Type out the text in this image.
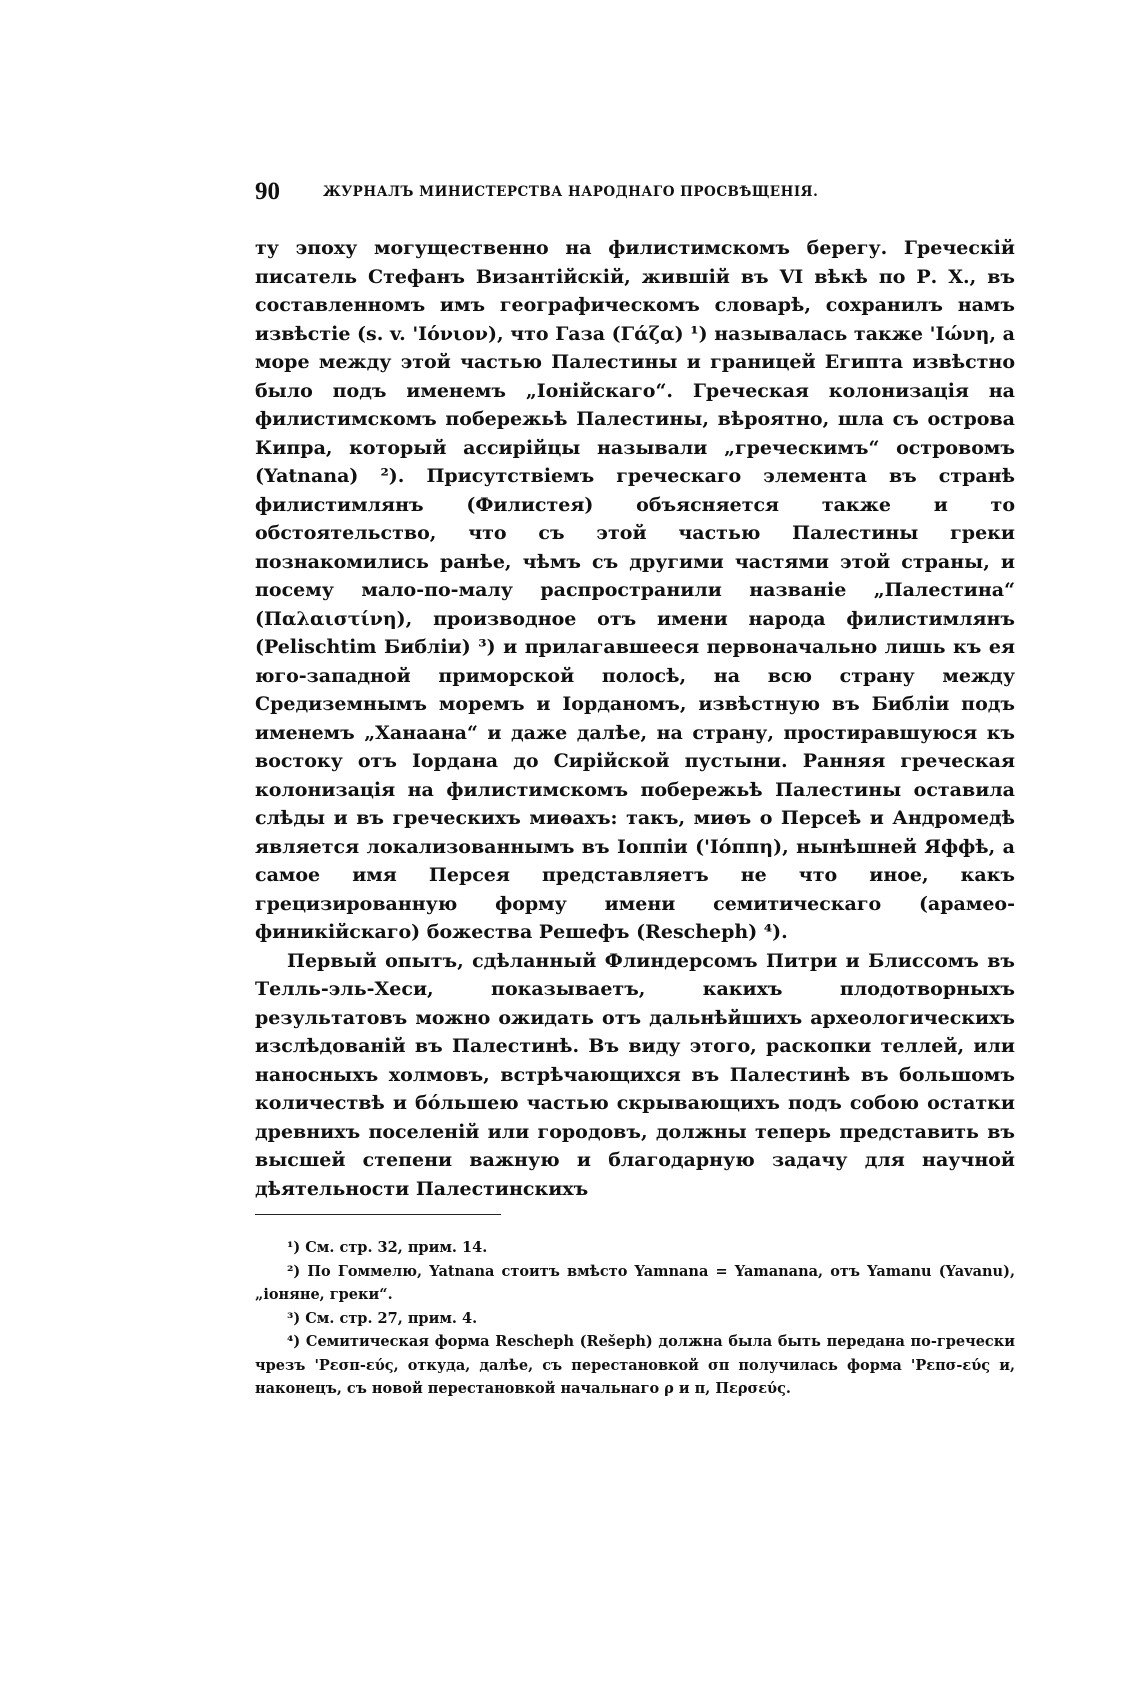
90	ЖУРНАЛЪ МИНИСТЕРСТВА НАРОДНАГО ПРОСВѢЩЕНІЯ.

ту эпоху могущественно на филистимскомъ берегу. Греческій писатель Стефанъ Византійскій, жившій въ VI вѣкѣ по Р. Х., въ составленномъ имъ географическомъ словарѣ, сохранилъ намъ извѣстіе (s. v. 'Ιόνιον), что Газа (Γάζα) ¹) называлась также 'Ιώνη, а море между этой частью Палестины и границей Египта извѣстно было подъ именемъ „Іонійскаго“. Греческая колонизація на филистимскомъ побережьѣ Палестины, вѣроятно, шла съ острова Кипра, который ассирійцы называли „греческимъ“ островомъ (Yatnana) ²). Присутствіемъ греческаго элемента въ странѣ филистимлянъ (Филистея) объясняется также и то обстоятельство, что съ этой частью Палестины греки познакомились ранѣе, чѣмъ съ другими частями этой страны, и посему мало-по-малу распространили названіе „Палестина“ (Παλαιστίνη), производное отъ имени народа филистимлянъ (Pelischtim Библіи) ³) и прилагавшееся первоначально лишь къ ея юго-западной приморской полосѣ, на всю страну между Средиземнымъ моремъ и Іорданомъ, извѣстную въ Библіи подъ именемъ „Ханаана“ и даже далѣе, на страну, простиравшуюся къ востоку отъ Іордана до Сирійской пустыни. Ранняя греческая колонизація на филистимскомъ побережьѣ Палестины оставила слѣды и въ греческихъ миѳахъ: такъ, миѳъ о Персеѣ и Андромедѣ является локализованнымъ въ Іоппіи ('Ιόππη), нынѣшней Яффѣ, а самое имя Персея представляетъ не что иное, какъ грецизированную форму имени семитическаго (арамео-финикійскаго) божества Решефъ (Rescheph) ⁴).

Первый опытъ, сдѣланный Флиндерсомъ Питри и Блиссомъ въ Телль-эль-Хеси, показываетъ, какихъ плодотворныхъ результатовъ можно ожидать отъ дальнѣйшихъ археологическихъ изслѣдованій въ Палестинѣ. Въ виду этого, раскопки теллей, или наносныхъ холмовъ, встрѣчающихся въ Палестинѣ въ большомъ количествѣ и бóльшею частью скрывающихъ подъ собою остатки древнихъ поселеній или городовъ, должны теперь представить въ высшей степени важную и благодарную задачу для научной дѣятельности Палестинскихъ

¹) См. стр. 32, прим. 14.

²) По Гоммелю, Yatnana стоитъ вмѣсто Yamnana = Yamanana, отъ Yamanu (Yavanu), „іоняне, греки“.

³) См. стр. 27, прим. 4.

⁴) Семитическая форма Reschеph (Rešeph) должна была быть передана по-гречески чрезъ 'Ρεσπ-εύς, откуда, далѣе, съ перестановкой σπ получилась форма 'Ρεπσ-εύς и, наконецъ, съ новой перестановкой начальнаго ρ и π, Περσεύς.
